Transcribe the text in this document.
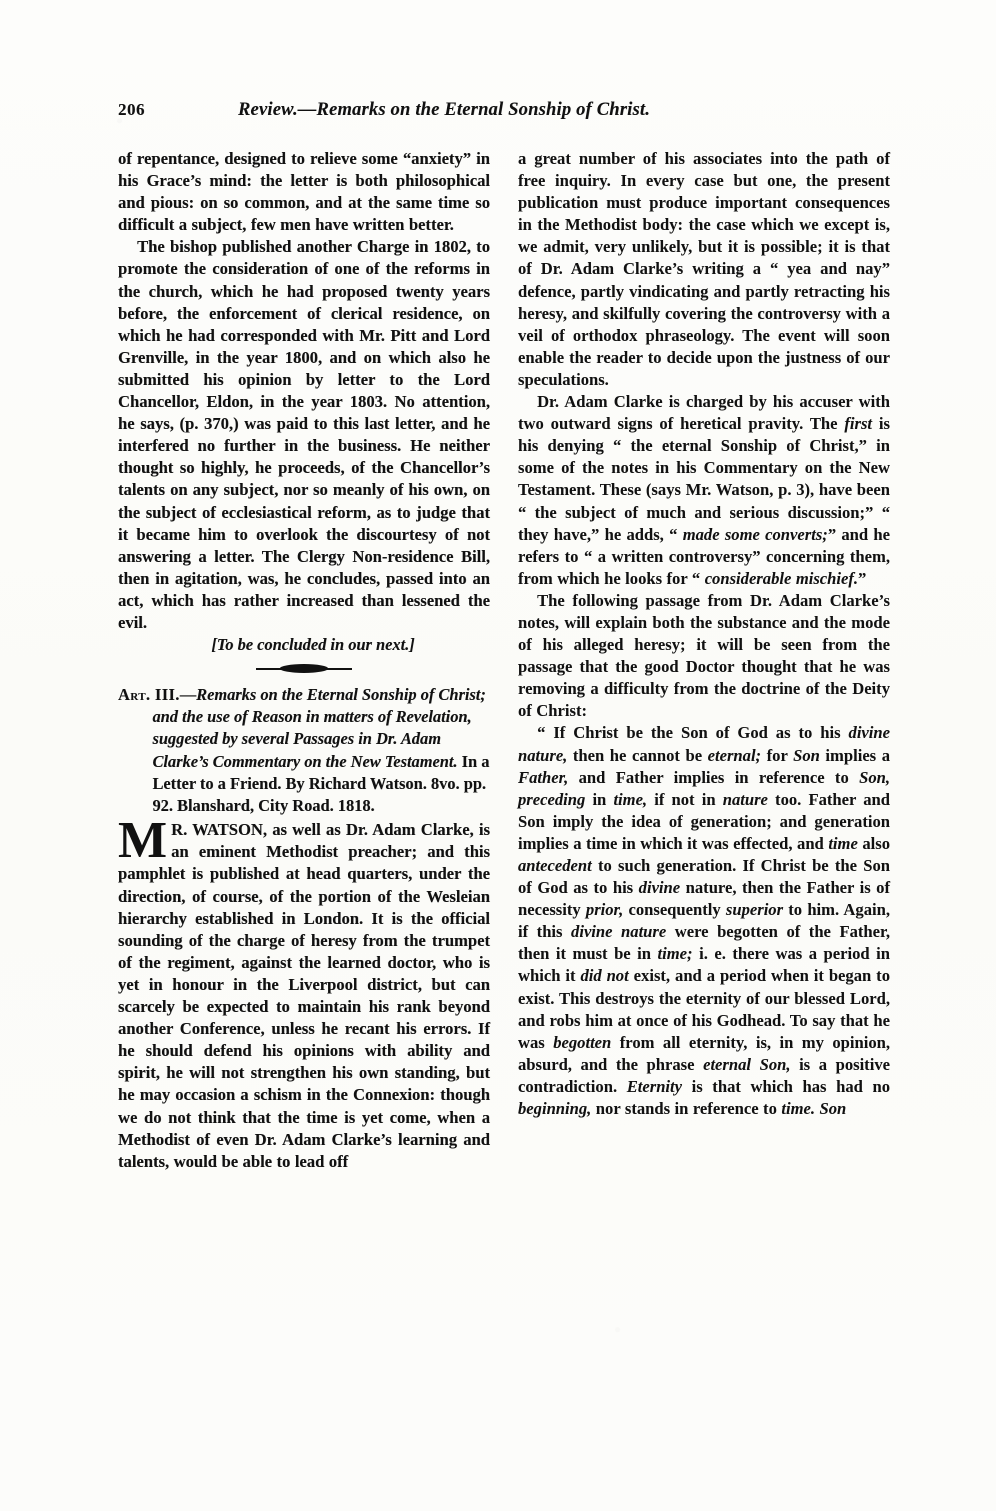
206	Review.—Remarks on the Eternal Sonship of Christ.

of repentance, designed to relieve some “anxiety” in his Grace’s mind: the letter is both philosophical and pious: on so common, and at the same time so difficult a subject, few men have written better.

The bishop published another Charge in 1802, to promote the consideration of one of the reforms in the church, which he had proposed twenty years before, the enforcement of clerical residence, on which he had corresponded with Mr. Pitt and Lord Grenville, in the year 1800, and on which also he submitted his opinion by letter to the Lord Chancellor, Eldon, in the year 1803. No attention, he says, (p. 370,) was paid to this last letter, and he interfered no further in the business. He neither thought so highly, he proceeds, of the Chancellor’s talents on any subject, nor so meanly of his own, on the subject of ecclesiastical reform, as to judge that it became him to overlook the discourtesy of not answering a letter. The Clergy Non-residence Bill, then in agitation, was, he concludes, passed into an act, which has rather increased than lessened the evil.

[To be concluded in our next.]

Art. III.—Remarks on the Eternal Sonship of Christ; and the use of Reason in matters of Revelation, suggested by several Passages in Dr. Adam Clarke’s Commentary on the New Testament. In a Letter to a Friend. By Richard Watson. 8vo. pp. 92. Blanshard, City Road. 1818.

M R. WATSON, as well as Dr. Adam Clarke, is an eminent Methodist preacher; and this pamphlet is published at head quarters, under the direction, of course, of the portion of the Wesleian hierarchy established in London. It is the official sounding of the charge of heresy from the trumpet of the regiment, against the learned doctor, who is yet in honour in the Liverpool district, but can scarcely be expected to maintain his rank beyond another Conference, unless he recant his errors. If he should defend his opinions with ability and spirit, he will not strengthen his own standing, but he may occasion a schism in the Connexion: though we do not think that the time is yet come, when a Methodist of even Dr. Adam Clarke’s learning and talents, would be able to lead off

a great number of his associates into the path of free inquiry. In every case but one, the present publication must produce important consequences in the Methodist body: the case which we except is, we admit, very unlikely, but it is possible; it is that of Dr. Adam Clarke’s writing a “ yea and nay” defence, partly vindicating and partly retracting his heresy, and skilfully covering the controversy with a veil of orthodox phraseology. The event will soon enable the reader to decide upon the justness of our speculations.

Dr. Adam Clarke is charged by his accuser with two outward signs of heretical pravity. The first is his denying “ the eternal Sonship of Christ,” in some of the notes in his Commentary on the New Testament. These (says Mr. Watson, p. 3), have been “ the subject of much and serious discussion;” “ they have,” he adds, “ made some converts;” and he refers to “ a written controversy” concerning them, from which he looks for “ considerable mischief.”

The following passage from Dr. Adam Clarke’s notes, will explain both the substance and the mode of his alleged heresy; it will be seen from the passage that the good Doctor thought that he was removing a difficulty from the doctrine of the Deity of Christ:

“ If Christ be the Son of God as to his divine nature, then he cannot be eternal; for Son implies a Father, and Father implies in reference to Son, preceding in time, if not in nature too. Father and Son imply the idea of generation; and generation implies a time in which it was effected, and time also antecedent to such generation. If Christ be the Son of God as to his divine nature, then the Father is of necessity prior, consequently superior to him. Again, if this divine nature were begotten of the Father, then it must be in time; i. e. there was a period in which it did not exist, and a period when it began to exist. This destroys the eternity of our blessed Lord, and robs him at once of his Godhead. To say that he was begotten from all eternity, is, in my opinion, absurd, and the phrase eternal Son, is a positive contradiction. Eternity is that which has had no beginning, nor stands in reference to time. Son
